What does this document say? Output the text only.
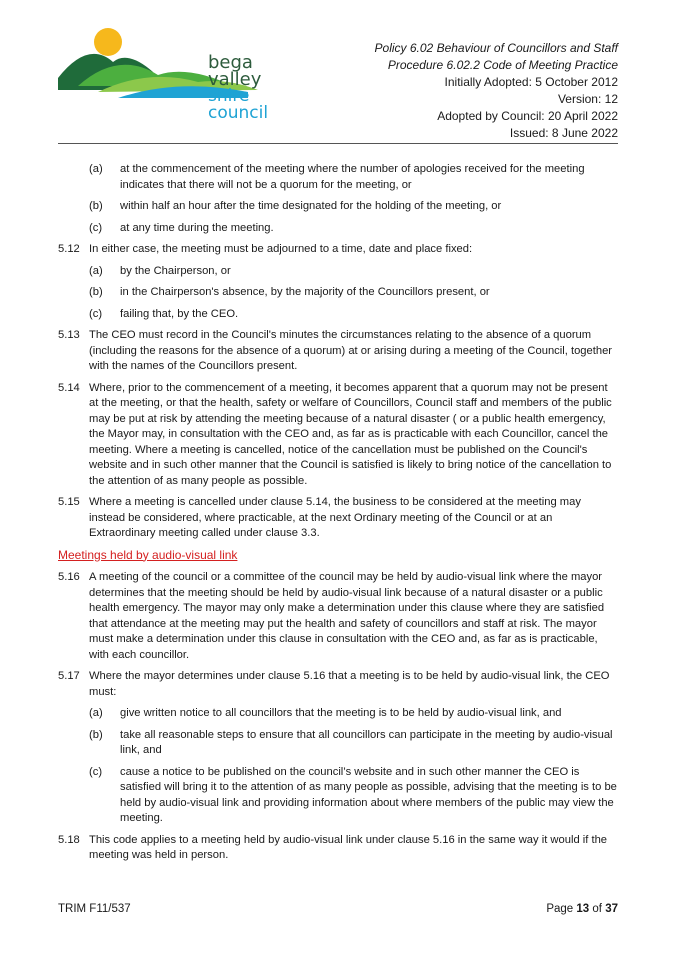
bega valley
shire council
Policy 6.02 Behaviour of Councillors and Staff
Procedure 6.02.2 Code of Meeting Practice
Initially Adopted: 5 October 2012
Version: 12
Adopted by Council: 20 April 2022
Issued: 8 June 2022
(a)	at the commencement of the meeting where the number of apologies received for the meeting indicates that there will not be a quorum for the meeting, or
(b)	within half an hour after the time designated for the holding of the meeting, or
(c)	at any time during the meeting.
5.12 In either case, the meeting must be adjourned to a time, date and place fixed:
(a)	by the Chairperson, or
(b)	in the Chairperson's absence, by the majority of the Councillors present, or
(c)	failing that, by the CEO.
5.13 The CEO must record in the Council's minutes the circumstances relating to the absence of a quorum (including the reasons for the absence of a quorum) at or arising during a meeting of the Council, together with the names of the Councillors present.
5.14 Where, prior to the commencement of a meeting, it becomes apparent that a quorum may not be present at the meeting, or that the health, safety or welfare of Councillors, Council staff and members of the public may be put at risk by attending the meeting because of a natural disaster ( or a public health emergency, the Mayor may, in consultation with the CEO and, as far as is practicable with each Councillor, cancel the meeting. Where a meeting is cancelled, notice of the cancellation must be published on the Council's website and in such other manner that the Council is satisfied is likely to bring notice of the cancellation to the attention of as many people as possible.
5.15 Where a meeting is cancelled under clause 5.14, the business to be considered at the meeting may instead be considered, where practicable, at the next Ordinary meeting of the Council or at an Extraordinary meeting called under clause 3.3.
Meetings held by audio-visual link
5.16 A meeting of the council or a committee of the council may be held by audio-visual link where the mayor determines that the meeting should be held by audio-visual link because of a natural disaster or a public health emergency. The mayor may only make a determination under this clause where they are satisfied that attendance at the meeting may put the health and safety of councillors and staff at risk. The mayor must make a determination under this clause in consultation with the CEO and, as far as is practicable, with each councillor.
5.17 Where the mayor determines under clause 5.16 that a meeting is to be held by audio-visual link, the CEO must:
(a)	give written notice to all councillors that the meeting is to be held by audio-visual link, and
(b)	take all reasonable steps to ensure that all councillors can participate in the meeting by audio-visual link, and
(c)	cause a notice to be published on the council’s website and in such other manner the CEO is satisfied will bring it to the attention of as many people as possible, advising that the meeting is to be held by audio-visual link and providing information about where members of the public may view the meeting.
5.18 This code applies to a meeting held by audio-visual link under clause 5.16 in the same way it would if the meeting was held in person.
TRIM F11/537	Page 13 of 37
